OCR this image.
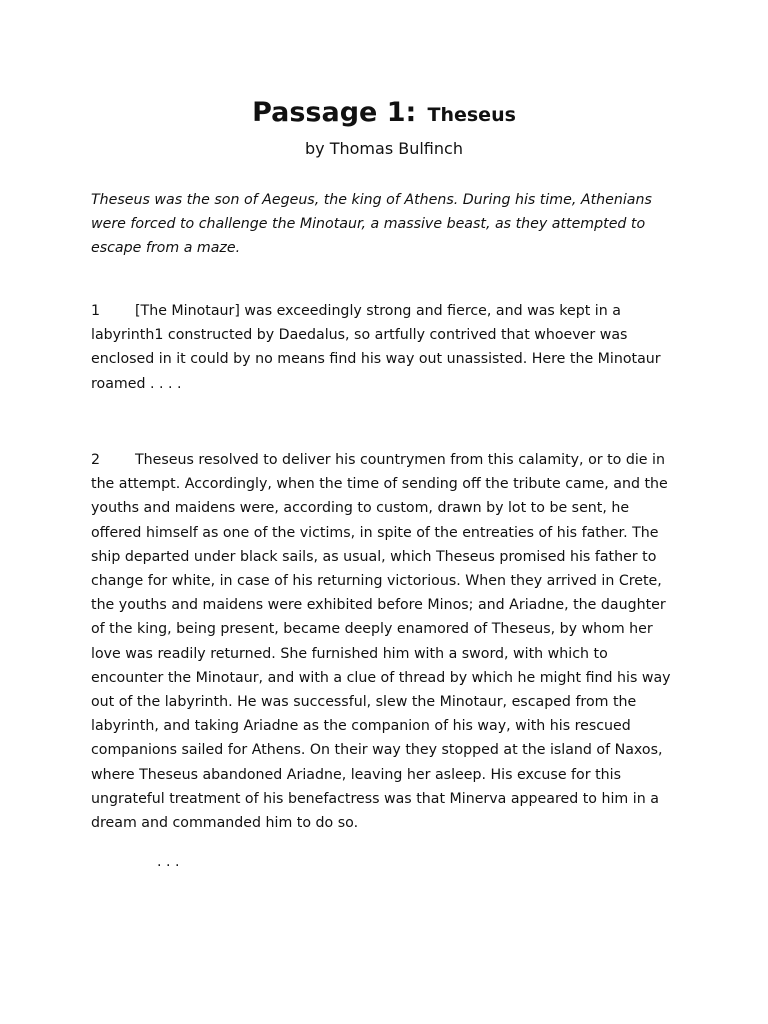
Passage 1: Theseus
by Thomas Bulfinch
Theseus was the son of Aegeus, the king of Athens. During his time, Athenians were forced to challenge the Minotaur, a massive beast, as they attempted to escape from a maze.
1 [The Minotaur] was exceedingly strong and fierce, and was kept in a labyrinth1 constructed by Daedalus, so artfully contrived that whoever was enclosed in it could by no means find his way out unassisted. Here the Minotaur roamed . . . .
2 Theseus resolved to deliver his countrymen from this calamity, or to die in the attempt. Accordingly, when the time of sending off the tribute came, and the youths and maidens were, according to custom, drawn by lot to be sent, he offered himself as one of the victims, in spite of the entreaties of his father. The ship departed under black sails, as usual, which Theseus promised his father to change for white, in case of his returning victorious. When they arrived in Crete, the youths and maidens were exhibited before Minos; and Ariadne, the daughter of the king, being present, became deeply enamored of Theseus, by whom her love was readily returned. She furnished him with a sword, with which to encounter the Minotaur, and with a clue of thread by which he might find his way out of the labyrinth. He was successful, slew the Minotaur, escaped from the labyrinth, and taking Ariadne as the companion of his way, with his rescued companions sailed for Athens. On their way they stopped at the island of Naxos, where Theseus abandoned Ariadne, leaving her asleep. His excuse for this ungrateful treatment of his benefactress was that Minerva appeared to him in a dream and commanded him to do so.
. . .
